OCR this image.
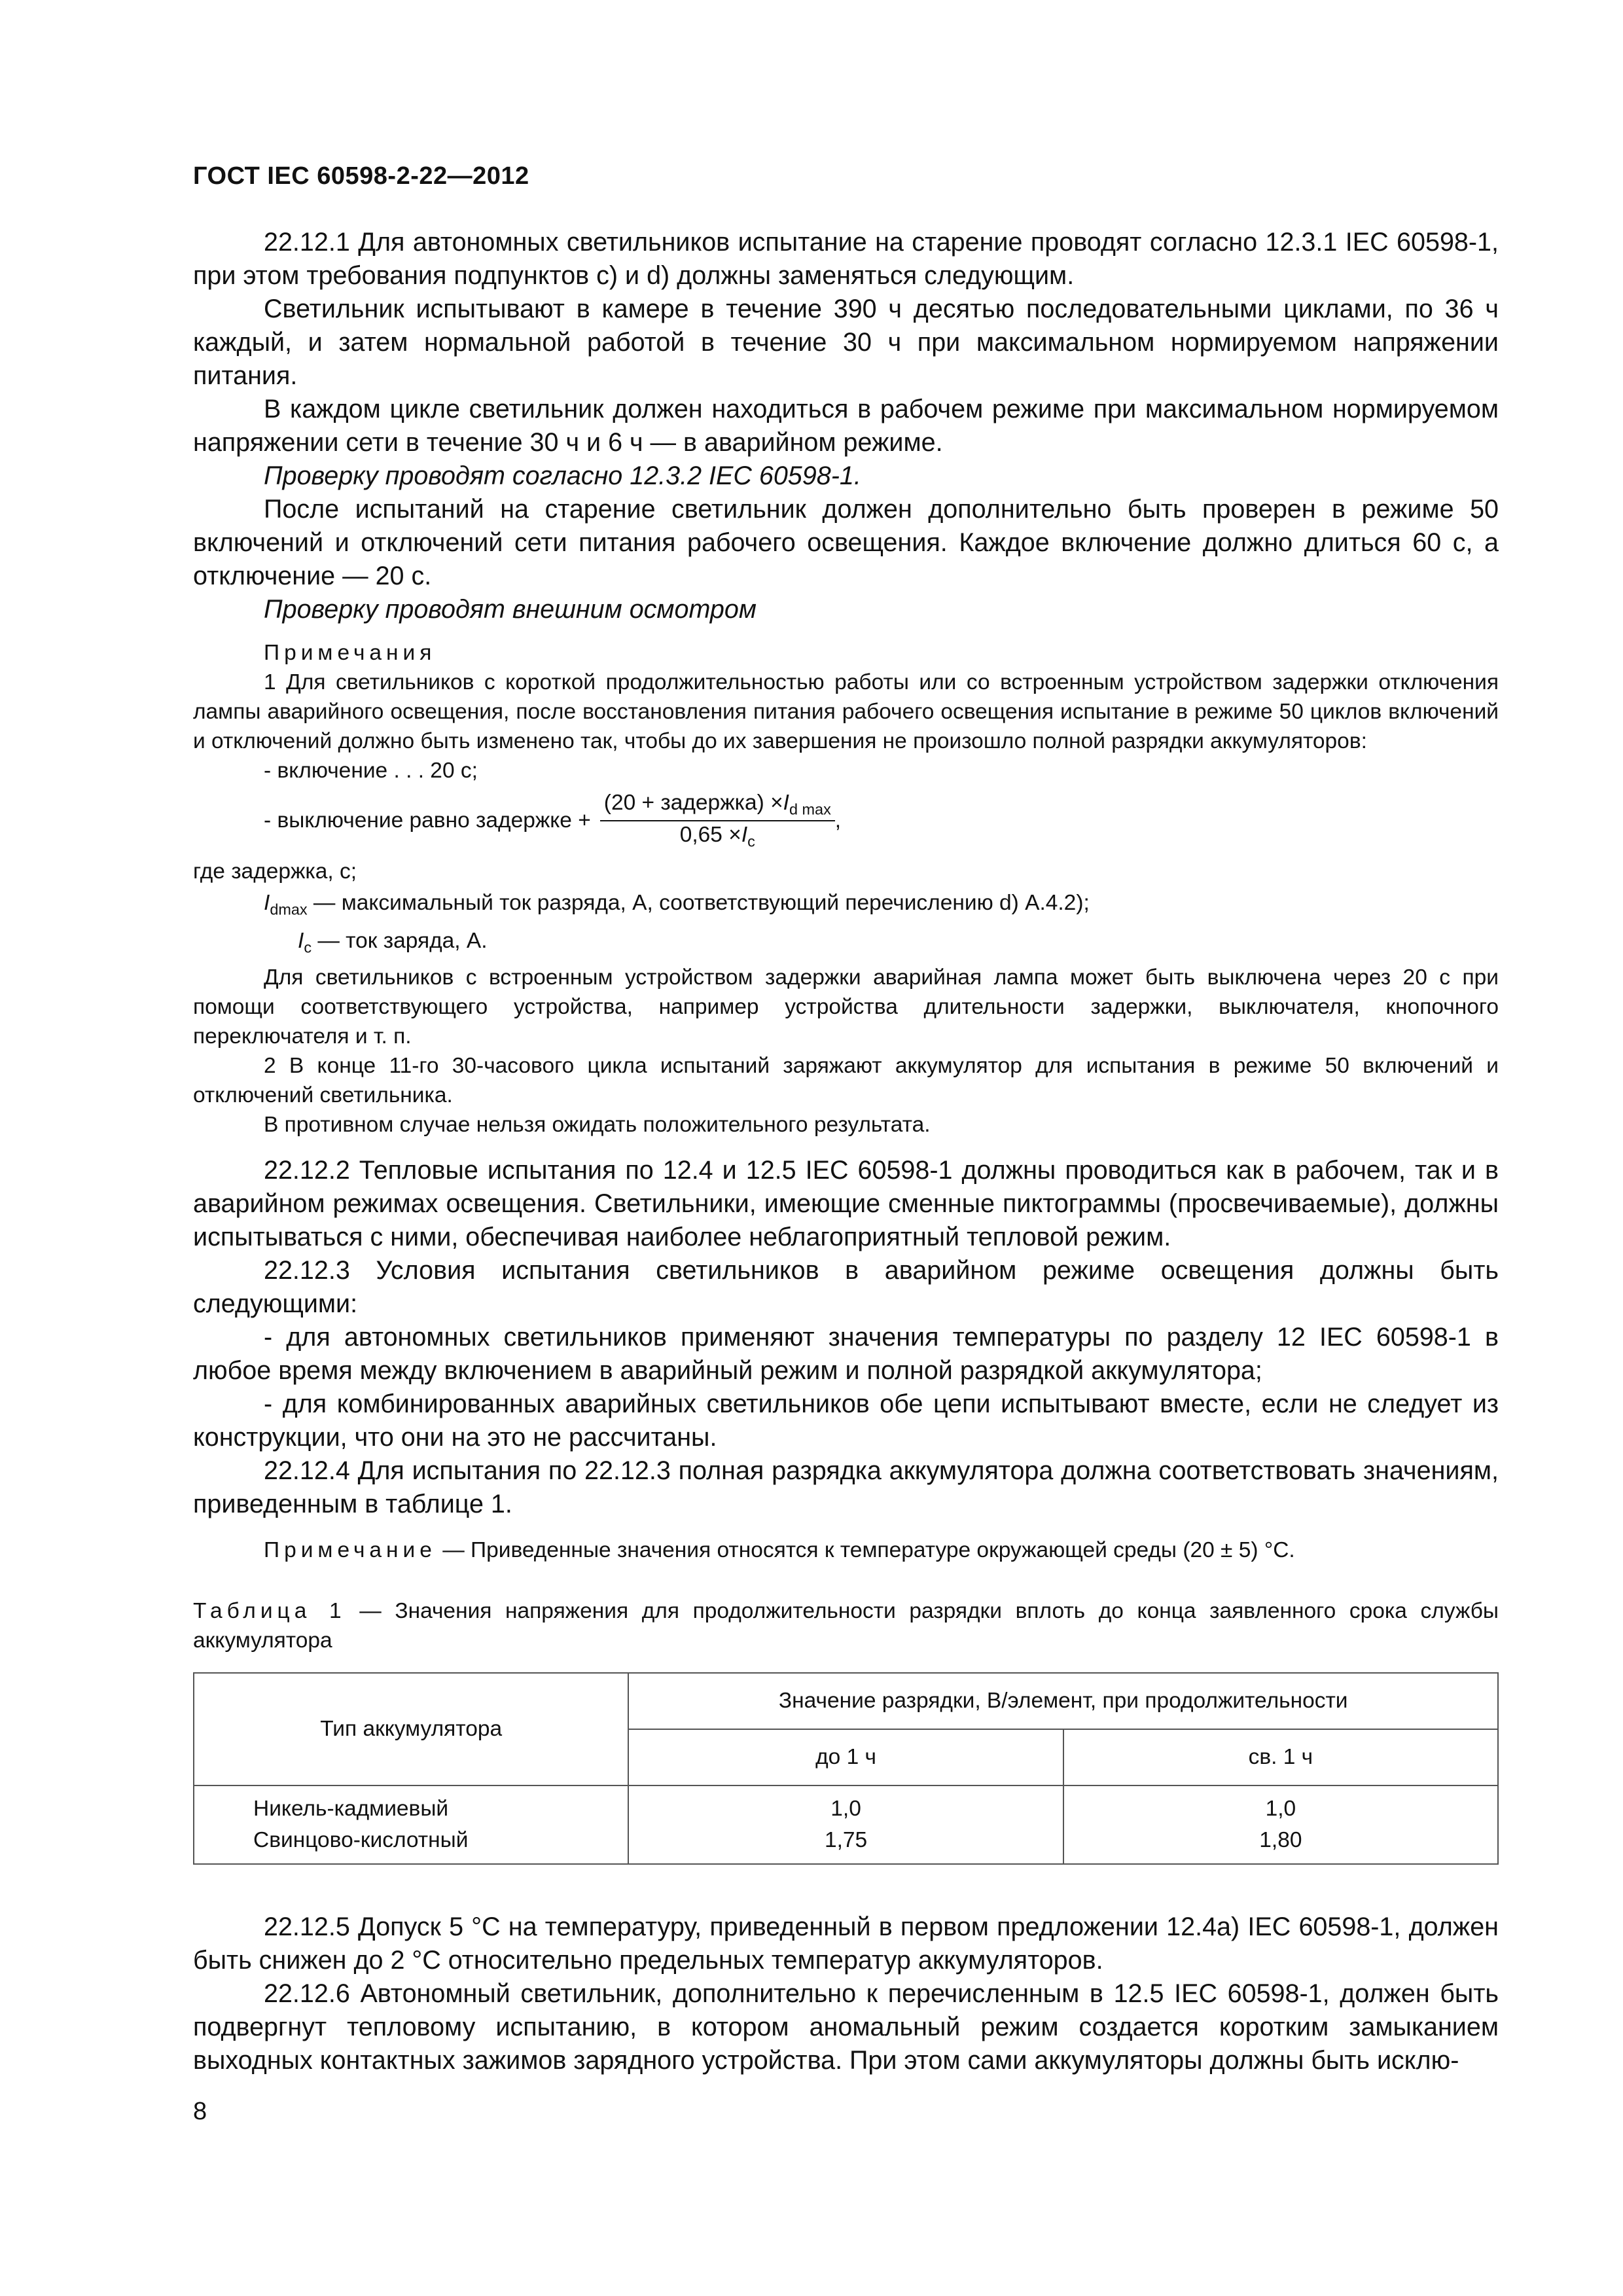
ГОСТ IEC 60598-2-22—2012

22.12.1 Для автономных светильников испытание на старение проводят согласно 12.3.1 IEC 60598-1, при этом требования подпунктов c) и d) должны заменяться следующим.

Светильник испытывают в камере в течение 390 ч десятью последовательными циклами, по 36 ч каждый, и затем нормальной работой в течение 30 ч при максимальном нормируемом напряжении питания.

В каждом цикле светильник должен находиться в рабочем режиме при максимальном нормируемом напряжении сети в течение 30 ч и 6 ч — в аварийном режиме.

Проверку проводят согласно 12.3.2 IEC 60598-1.

После испытаний на старение светильник должен дополнительно быть проверен в режиме 50 включений и отключений сети питания рабочего освещения. Каждое включение должно длиться 60 с, а отключение — 20 с.

Проверку проводят внешним осмотром

Примечания

1 Для светильников с короткой продолжительностью работы или со встроенным устройством задержки отключения лампы аварийного освещения, после восстановления питания рабочего освещения испытание в режиме 50 циклов включений и отключений должно быть изменено так, чтобы до их завершения не произошло полной разрядки аккумуляторов:

- включение . . . 20 с;

- выключение равно задержке + $\frac{(20 + задержка) \times I_{d max}}{0,65 \times I_c}$ ,

где задержка, с;

$I_{dmax}$ — максимальный ток разряда, А, соответствующий перечислению d) А.4.2);

$I_c$ — ток заряда, А.

Для светильников с встроенным устройством задержки аварийная лампа может быть выключена через 20 с при помощи соответствующего устройства, например устройства длительности задержки, выключателя, кнопочного переключателя и т. п.

2 В конце 11-го 30-часового цикла испытаний заряжают аккумулятор для испытания в режиме 50 включений и отключений светильника.

В противном случае нельзя ожидать положительного результата.

22.12.2 Тепловые испытания по 12.4 и 12.5 IEC 60598-1 должны проводиться как в рабочем, так и в аварийном режимах освещения. Светильники, имеющие сменные пиктограммы (просвечиваемые), должны испытываться с ними, обеспечивая наиболее неблагоприятный тепловой режим.

22.12.3 Условия испытания светильников в аварийном режиме освещения должны быть следующими:

- для автономных светильников применяют значения температуры по разделу 12 IEC 60598-1 в любое время между включением в аварийный режим и полной разрядкой аккумулятора;

- для комбинированных аварийных светильников обе цепи испытывают вместе, если не следует из конструкции, что они на это не рассчитаны.

22.12.4 Для испытания по 22.12.3 полная разрядка аккумулятора должна соответствовать значениям, приведенным в таблице 1.

Примечание — Приведенные значения относятся к температуре окружающей среды (20 ± 5) °С.

Таблица 1 — Значения напряжения для продолжительности разрядки вплоть до конца заявленного срока службы аккумулятора

Тип аккумулятора	Значение разрядки, В/элемент, при продолжительности	
	до 1 ч	св. 1 ч
Никель-кадмиевый	1,0	1,0
Свинцово-кислотный	1,75	1,80

22.12.5 Допуск 5 °С на температуру, приведенный в первом предложении 12.4а) IEC 60598-1, должен быть снижен до 2 °С относительно предельных температур аккумуляторов.

22.12.6 Автономный светильник, дополнительно к перечисленным в 12.5 IEC 60598-1, должен быть подвергнут тепловому испытанию, в котором аномальный режим создается коротким замыканием выходных контактных зажимов зарядного устройства. При этом сами аккумуляторы должны быть исклю-

8
